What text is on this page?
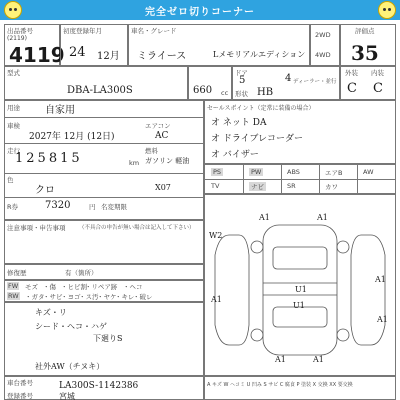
完全ゼロ切りコーナー
出品番号
(2119)
4119
初度登録年月
24 12月
車名・グレード
ミライース	Lメモリアルエディション
2WD
4WD
評価点
35
型式
DBA-LA300S	660 cc
ドア
5	4
形状 HB
ディーラー・並行
外装 内装
C C
用途	自家用
車検
2027年 12月 (12日)
エアコン
AC
走行
125815	km
燃料
ガソリン 軽油
色
クロ	X07
R券	7320	円 名変期限
セールスポイント（定常に装備の場合）
オ ネット DA
オ ドライブレコーダー
オ バイザー
PS	PW	ABS	エアB	AW
TV	ナビ	SR	カワ
注意事項・申告事項 （不具合の申告が無い場合は記入して下さい）
修復歴	有（箇所）
FW モズ ・傷 ・ヒビ割
・リペア跡 ・ヘコ
RW ・ガタ
・サビ
・ヨゴ
・ス汚
・ヤケ
・キレ
・破レ
キズ・リ
シード・ヘコ・ハゲ
下廻りS
社外AW（チヌキ）
A1	A1
W2
U1
A1
A1
A1
A1	A1
U1
車台番号	LA300S-1142386
登録番号	宮城
A キズ W ヘコミ U 凹み S サビ C 腐食 P 塗装 X 交換 XX 要交換
